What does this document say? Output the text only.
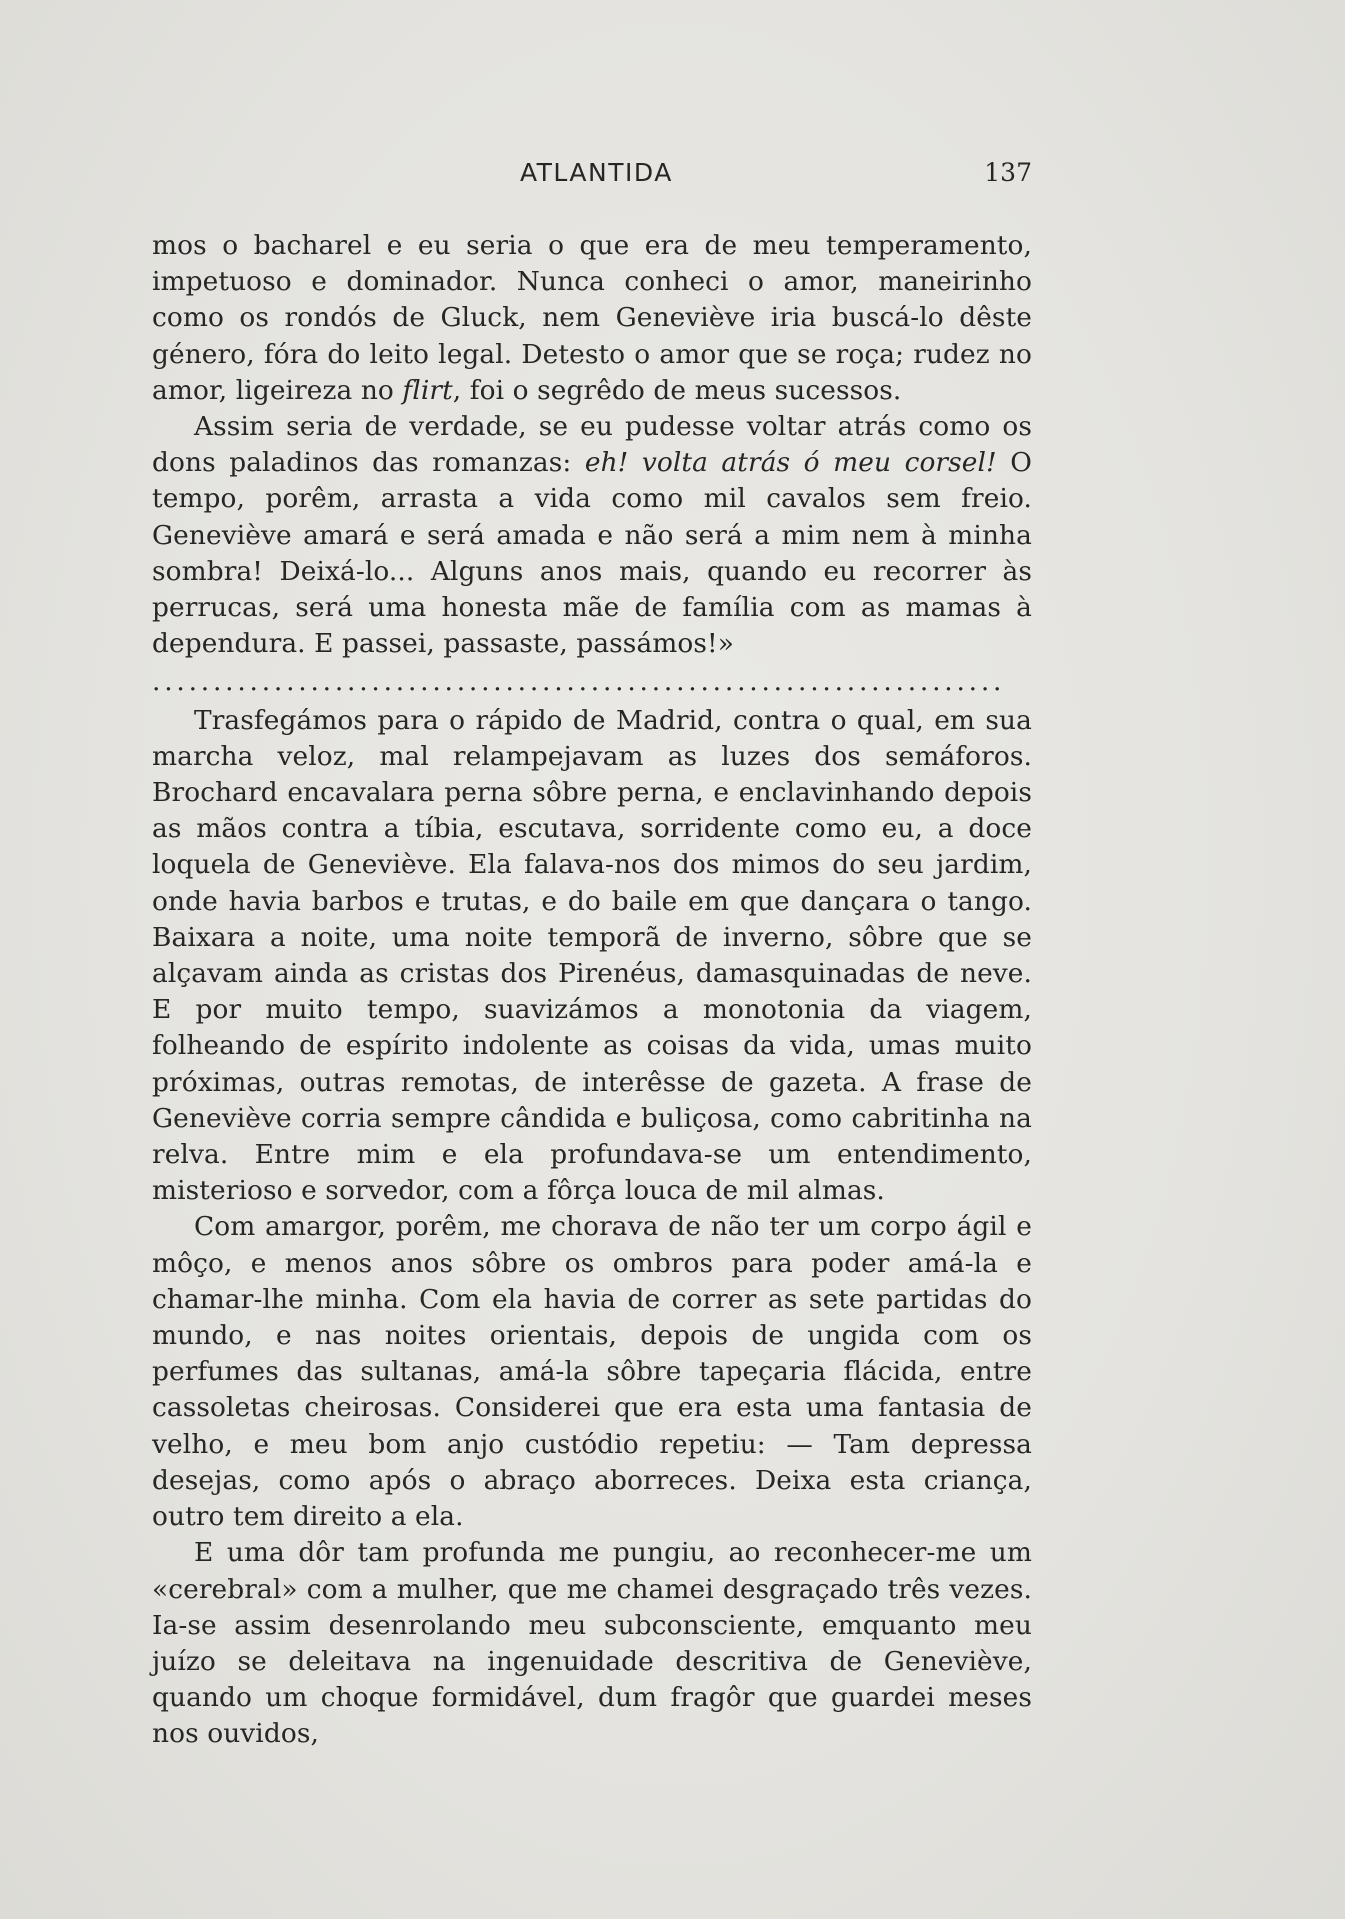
ATLANTIDA	137

mos o bacharel e eu seria o que era de meu temperamento, impetuoso e dominador. Nunca conheci o amor, maneirinho como os rondós de Gluck, nem Geneviève iria buscá-lo dêste género, fóra do leito legal. Detesto o amor que se roça; rudez no amor, ligeireza no flirt, foi o segrêdo de meus sucessos.

Assim seria de verdade, se eu pudesse voltar atrás como os dons paladinos das romanzas: eh! volta atrás ó meu corsel! O tempo, porêm, arrasta a vida como mil cavalos sem freio. Geneviève amará e será amada e não será a mim nem à minha sombra! Deixá-lo... Alguns anos mais, quando eu recorrer às perrucas, será uma honesta mãe de família com as mamas à dependura. E passei, passaste, passámos!»

......................................................................

Trasfegámos para o rápido de Madrid, contra o qual, em sua marcha veloz, mal relampejavam as luzes dos semáforos. Brochard encavalara perna sôbre perna, e enclavinhando depois as mãos contra a tíbia, escutava, sorridente como eu, a doce loquela de Geneviève. Ela falava-nos dos mimos do seu jardim, onde havia barbos e trutas, e do baile em que dançara o tango. Baixara a noite, uma noite temporã de inverno, sôbre que se alçavam ainda as cristas dos Pirenéus, damasquinadas de neve. E por muito tempo, suavizámos a monotonia da viagem, folheando de espírito indolente as coisas da vida, umas muito próximas, outras remotas, de interêsse de gazeta. A frase de Geneviève corria sempre cândida e buliçosa, como cabritinha na relva. Entre mim e ela profundava-se um entendimento, misterioso e sorvedor, com a fôrça louca de mil almas.

Com amargor, porêm, me chorava de não ter um corpo ágil e môço, e menos anos sôbre os ombros para poder amá-la e chamar-lhe minha. Com ela havia de correr as sete partidas do mundo, e nas noites orientais, depois de ungida com os perfumes das sultanas, amá-la sôbre tapeçaria flácida, entre cassoletas cheirosas. Considerei que era esta uma fantasia de velho, e meu bom anjo custódio repetiu: — Tam depressa desejas, como após o abraço aborreces. Deixa esta criança, outro tem direito a ela.

E uma dôr tam profunda me pungiu, ao reconhecer-me um «cerebral» com a mulher, que me chamei desgraçado três vezes. Ia-se assim desenrolando meu subconsciente, emquanto meu juízo se deleitava na ingenuidade descritiva de Geneviève, quando um choque formidável, dum fragôr que guardei meses nos ouvidos,
